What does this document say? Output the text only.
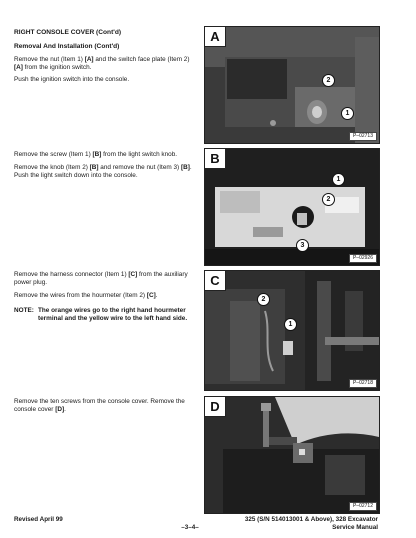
RIGHT CONSOLE COVER (Cont'd)

Removal And Installation (Cont'd)

Remove the nut (Item 1) [A] and the switch face plate (Item 2) [A] from the ignition switch.

Push the ignition switch into the console.

Remove the screw (Item 1) [B] from the light switch knob.

Remove the knob (Item 2) [B] and remove the nut (Item 3) [B]. Push the light switch down into the console.

Remove the harness connector (Item 1) [C] from the auxiliary power plug.

Remove the wires from the hourmeter (Item 2) [C].

NOTE: The orange wires go to the right hand hourmeter terminal and the yellow wire to the left hand side.

Remove the ten screws from the console cover. Remove the console cover [D].

A
2
1
P–02713
B
1
2
3
P–02926
C
2
1
P–02718
D
P–02712
Revised April 99
–3–4–
325 (S/N 514013001 & Above), 328 Excavator
Service Manual
